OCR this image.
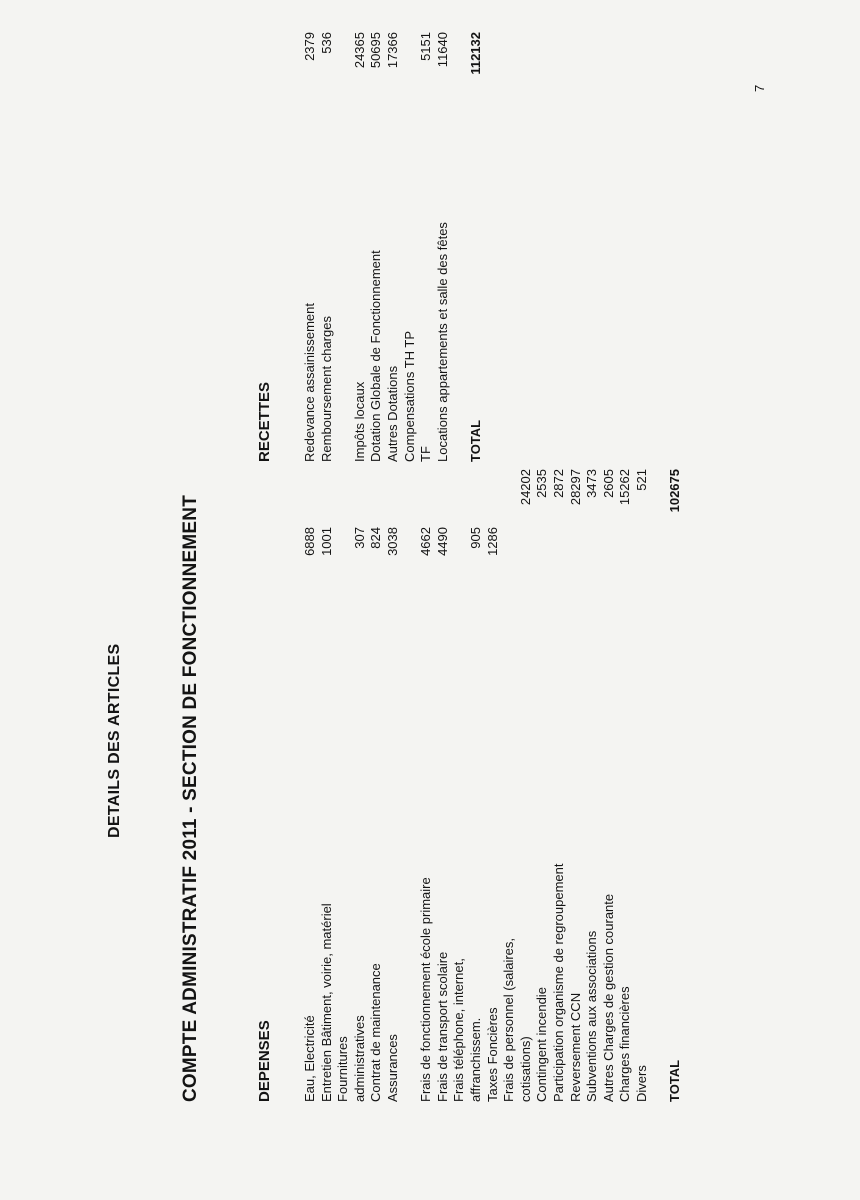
7
DETAILS DES ARTICLES	COMPTE ADMINISTRATIF 2011 - SECTION DE FONCTIONNEMENT	DEPENSES
RECETTES
Eau, Electricité
6888
Entretien Bâtiment, voirie, matériel
1001
Fournitures administratives
307
Contrat de maintenance
824
Assurances
3038
Frais de fonctionnement école primaire
4662
Frais de transport scolaire
4490
Frais téléphone, internet, affranchissem.
905
Taxes Foncières
1286
Frais de personnel (salaires, cotisations)
24202
Contingent incendie
2535
Participation organisme de regroupement
2872
Reversement CCN
28297
Subventions aux associations
3473
Autres Charges de gestion courante
2605
Charges financières
15262
Divers
521
TOTAL
102675
Redevance assainissement
2379
Remboursement charges
536
Impôts locaux
24365
Dotation Globale de Fonctionnement
50695
Autres Dotations
17366
Compensations TH TP TF
5151
Locations appartements et salle des fêtes
11640
TOTAL
112132
